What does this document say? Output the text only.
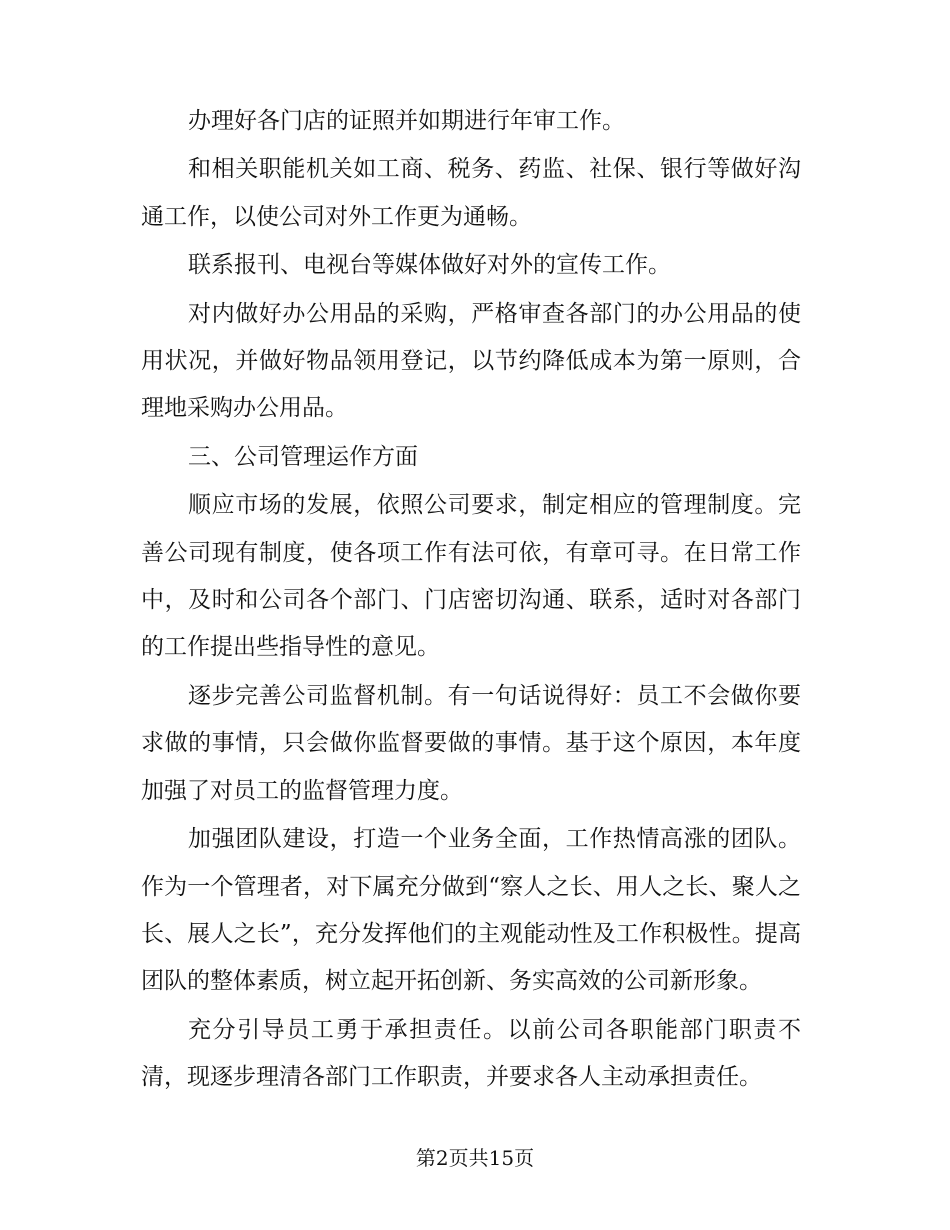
办理好各门店的证照并如期进行年审工作。

和相关职能机关如工商、税务、药监、社保、银行等做好沟通工作，以使公司对外工作更为通畅。

联系报刊、电视台等媒体做好对外的宣传工作。

对内做好办公用品的采购，严格审查各部门的办公用品的使用状况，并做好物品领用登记，以节约降低成本为第一原则，合理地采购办公用品。

三、公司管理运作方面

顺应市场的发展，依照公司要求，制定相应的管理制度。完善公司现有制度，使各项工作有法可依，有章可寻。在日常工作中，及时和公司各个部门、门店密切沟通、联系，适时对各部门的工作提出些指导性的意见。

逐步完善公司监督机制。有一句话说得好：员工不会做你要求做的事情，只会做你监督要做的事情。基于这个原因，本年度加强了对员工的监督管理力度。

加强团队建设，打造一个业务全面，工作热情高涨的团队。作为一个管理者，对下属充分做到“察人之长、用人之长、聚人之长、展人之长”，充分发挥他们的主观能动性及工作积极性。提高团队的整体素质，树立起开拓创新、务实高效的公司新形象。

充分引导员工勇于承担责任。以前公司各职能部门职责不清，现逐步理清各部门工作职责，并要求各人主动承担责任。

第2页共15页
